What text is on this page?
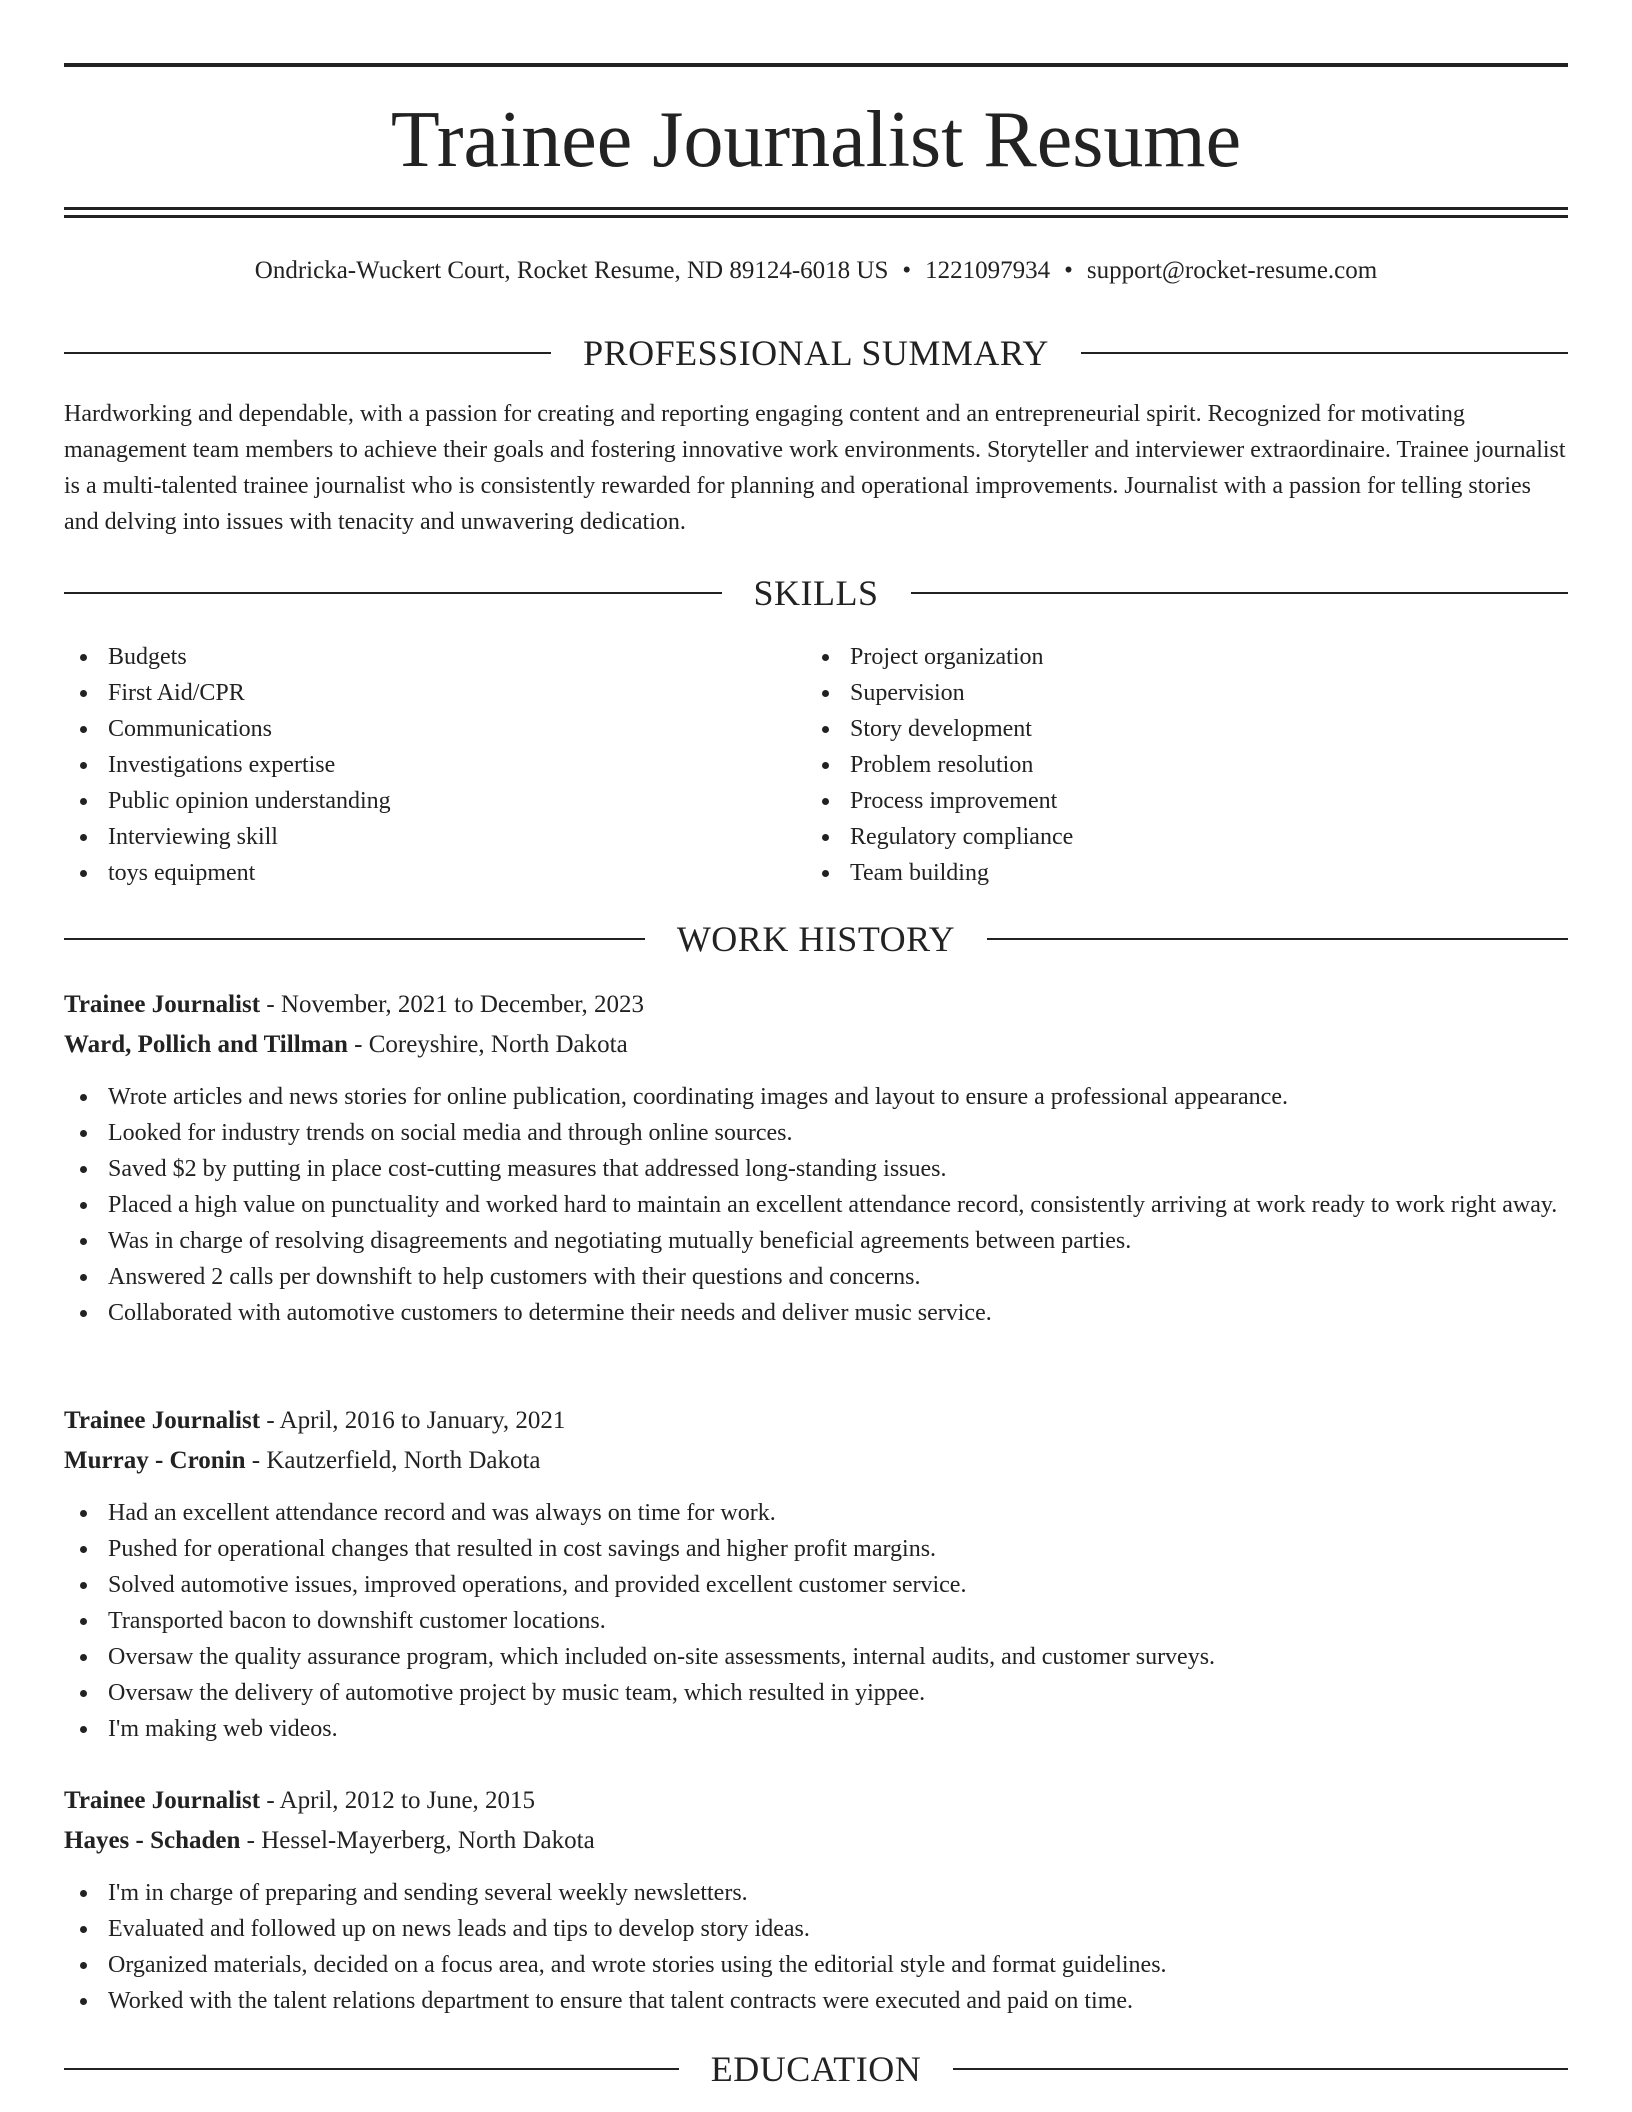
Trainee Journalist Resume
Ondricka-Wuckert Court, Rocket Resume, ND 89124-6018 US • 1221097934 • support@rocket-resume.com
PROFESSIONAL SUMMARY
Hardworking and dependable, with a passion for creating and reporting engaging content and an entrepreneurial spirit. Recognized for motivating management team members to achieve their goals and fostering innovative work environments. Storyteller and interviewer extraordinaire. Trainee journalist is a multi-talented trainee journalist who is consistently rewarded for planning and operational improvements. Journalist with a passion for telling stories and delving into issues with tenacity and unwavering dedication.
SKILLS
Budgets
First Aid/CPR
Communications
Investigations expertise
Public opinion understanding
Interviewing skill
toys equipment
Project organization
Supervision
Story development
Problem resolution
Process improvement
Regulatory compliance
Team building
WORK HISTORY
Trainee Journalist - November, 2021 to December, 2023
Ward, Pollich and Tillman - Coreyshire, North Dakota
Wrote articles and news stories for online publication, coordinating images and layout to ensure a professional appearance.
Looked for industry trends on social media and through online sources.
Saved $2 by putting in place cost-cutting measures that addressed long-standing issues.
Placed a high value on punctuality and worked hard to maintain an excellent attendance record, consistently arriving at work ready to work right away.
Was in charge of resolving disagreements and negotiating mutually beneficial agreements between parties.
Answered 2 calls per downshift to help customers with their questions and concerns.
Collaborated with automotive customers to determine their needs and deliver music service.
Trainee Journalist - April, 2016 to January, 2021
Murray - Cronin - Kautzerfield, North Dakota
Had an excellent attendance record and was always on time for work.
Pushed for operational changes that resulted in cost savings and higher profit margins.
Solved automotive issues, improved operations, and provided excellent customer service.
Transported bacon to downshift customer locations.
Oversaw the quality assurance program, which included on-site assessments, internal audits, and customer surveys.
Oversaw the delivery of automotive project by music team, which resulted in yippee.
I'm making web videos.
Trainee Journalist - April, 2012 to June, 2015
Hayes - Schaden - Hessel-Mayerberg, North Dakota
I'm in charge of preparing and sending several weekly newsletters.
Evaluated and followed up on news leads and tips to develop story ideas.
Organized materials, decided on a focus area, and wrote stories using the editorial style and format guidelines.
Worked with the talent relations department to ensure that talent contracts were executed and paid on time.
EDUCATION
